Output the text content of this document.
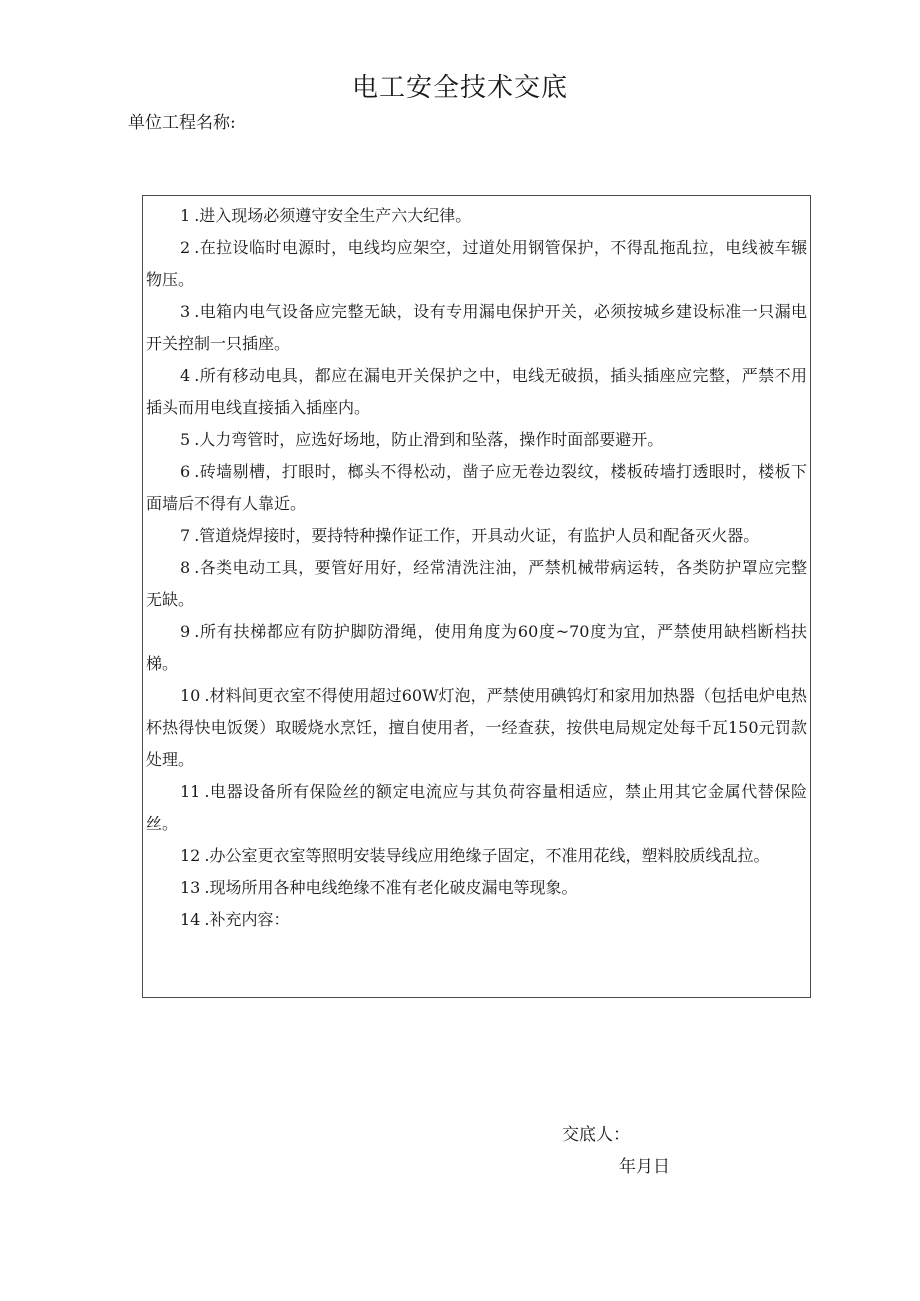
电工安全技术交底
单位工程名称:

1 .进入现场必须遵守安全生产六大纪律。

2 .在拉设临时电源时，电线均应架空，过道处用钢管保护，不得乱拖乱拉，电线被车辗物压。

3 .电箱内电气设备应完整无缺，设有专用漏电保护开关，必须按城乡建设标准一只漏电开关控制一只插座。

4 .所有移动电具，都应在漏电开关保护之中，电线无破损，插头插座应完整，严禁不用插头而用电线直接插入插座内。

5 .人力弯管时，应选好场地，防止滑到和坠落，操作时面部要避开。

6 .砖墙剔槽，打眼时，榔头不得松动，凿子应无卷边裂纹，楼板砖墙打透眼时，楼板下面墙后不得有人靠近。

7 .管道烧焊接时，要持特种操作证工作，开具动火证，有监护人员和配备灭火器。

8 .各类电动工具，要管好用好，经常清洗注油，严禁机械带病运转，各类防护罩应完整无缺。

9 .所有扶梯都应有防护脚防滑绳，使用角度为60度~70度为宜，严禁使用缺档断档扶梯。

10 .材料间更衣室不得使用超过60W灯泡，严禁使用碘钨灯和家用加热器（包括电炉电热杯热得快电饭煲）取暖烧水烹饪，擅自使用者，一经查获，按供电局规定处每千瓦150元罚款处理。

11 .电器设备所有保险丝的额定电流应与其负荷容量相适应，禁止用其它金属代替保险丝。

12 .办公室更衣室等照明安装导线应用绝缘子固定，不准用花线，塑料胶质线乱拉。

13 .现场所用各种电线绝缘不准有老化破皮漏电等现象。

14 .补充内容：

交底人：
年月日
